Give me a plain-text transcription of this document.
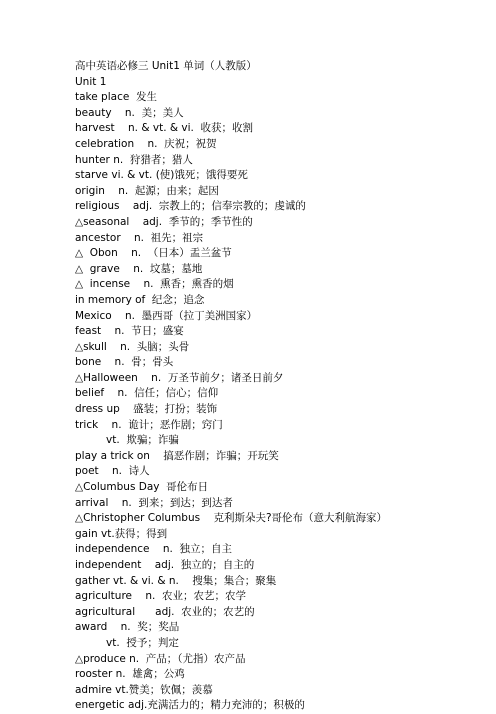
高中英语必修三 Unit1 单词（人教版）
Unit 1
take place  发生
beauty    n.  美；美人
harvest    n. & vt. & vi.  收获；收割
celebration    n.  庆祝；祝贺
hunter n.  狩猎者；猎人
starve vi. & vt. (使)饿死；饿得要死
origin    n.  起源；由来；起因
religious    adj.  宗教上的；信奉宗教的；虔诚的
△seasonal    adj.  季节的；季节性的
ancestor    n.  祖先；祖宗
△  Obon    n.  （日本）盂兰盆节
△  grave    n.  坟墓；墓地
△  incense    n.  熏香；熏香的烟
in memory of  纪念；追念
Mexico    n.  墨西哥（拉丁美洲国家）
feast    n.  节日；盛宴
△skull    n.  头脑；头骨
bone    n.  骨；骨头
△Halloween    n.  万圣节前夕；诸圣日前夕
belief    n.  信任；信心；信仰
dress up    盛装；打扮；装饰
trick    n.  诡计；恶作剧；窍门
vt.  欺骗；诈骗
play a trick on    搞恶作剧；诈骗；开玩笑
poet    n.  诗人
△Columbus Day  哥伦布日
arrival    n.  到来；到达；到达者
△Christopher Columbus    克利斯朵夫?哥伦布（意大利航海家）
gain vt.获得；得到
independence    n.  独立；自主
independent    adj.  独立的；自主的
gather vt. & vi. & n.    搜集；集合；聚集
agriculture    n.  农业；农艺；农学
agricultural      adj.  农业的；农艺的
award    n.  奖；奖品
vt.  授予；判定
△produce n.  产品；（尤指）农产品
rooster n.  雄禽；公鸡
admire vt.赞美；钦佩；羡慕
energetic adj.充满活力的；精力充沛的；积极的
